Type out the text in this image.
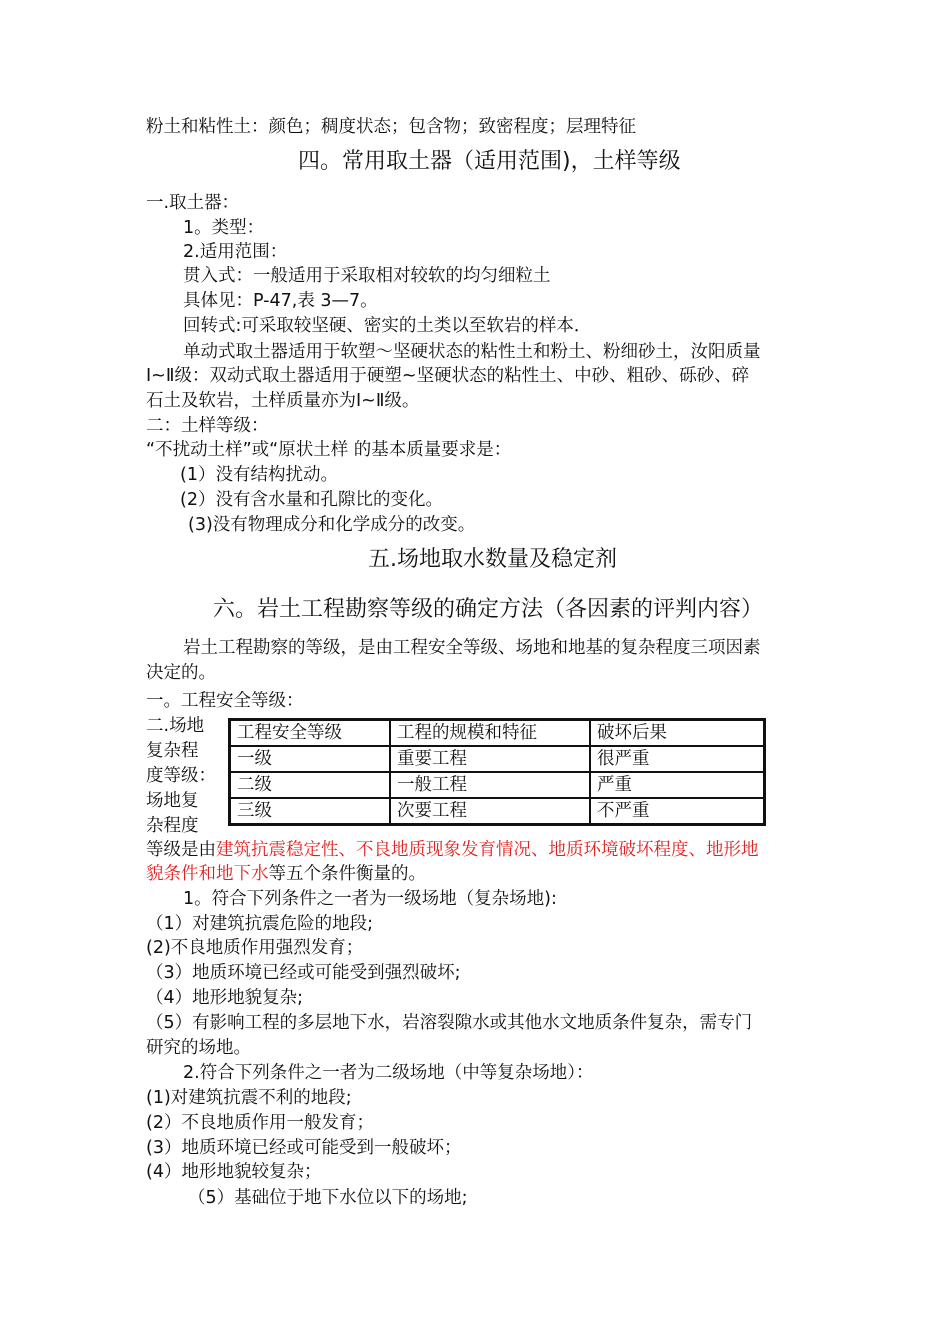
粉土和粘性土：颜色；稠度状态；包含物；致密程度；层理特征
四。常用取土器（适用范围)，土样等级
一.取土器：
1。类型：
2.适用范围：
贯入式：一般适用于采取相对较软的均匀细粒土
具体见：P-47,表 3—7。
回转式:可采取较坚硬、密实的土类以至软岩的样本．
单动式取土器适用于软塑～坚硬状态的粘性土和粉土、粉细砂土，汝阳质量
Ⅰ~Ⅱ级：双动式取土器适用于硬塑~坚硬状态的粘性土、中砂、粗砂、砾砂、碎
石土及软岩，土样质量亦为Ⅰ~Ⅱ级。
二：土样等级：
“不扰动土样”或“原状土样 的基本质量要求是：
(1）没有结构扰动。
(2）没有含水量和孔隙比的变化。
(3)没有物理成分和化学成分的改变。
五.场地取水数量及稳定剂
六。岩土工程勘察等级的确定方法（各因素的评判内容）
岩土工程勘察的等级，是由工程安全等级、场地和地基的复杂程度三项因素
决定的。
一。工程安全等级：
二.场地
复杂程
度等级：
场地复
杂程度
工程安全等级	工程的规模和特征	破坏后果
一级	重要工程	很严重
二级	一般工程	严重
三级	次要工程	不严重
等级是由建筑抗震稳定性、不良地质现象发育情况、地质环境破坏程度、地形地
貌条件和地下水等五个条件衡量的。
1。符合下列条件之一者为一级场地（复杂场地):
（1）对建筑抗震危险的地段;
(2)不良地质作用强烈发育；
（3）地质环境已经或可能受到强烈破坏;
（4）地形地貌复杂;
（5）有影响工程的多层地下水，岩溶裂隙水或其他水文地质条件复杂，需专门
研究的场地。
2.符合下列条件之一者为二级场地（中等复杂场地）：
(1)对建筑抗震不利的地段;
(2）不良地质作用一般发育；
(3）地质环境已经或可能受到一般破坏；
(4）地形地貌较复杂；
（5）基础位于地下水位以下的场地;
